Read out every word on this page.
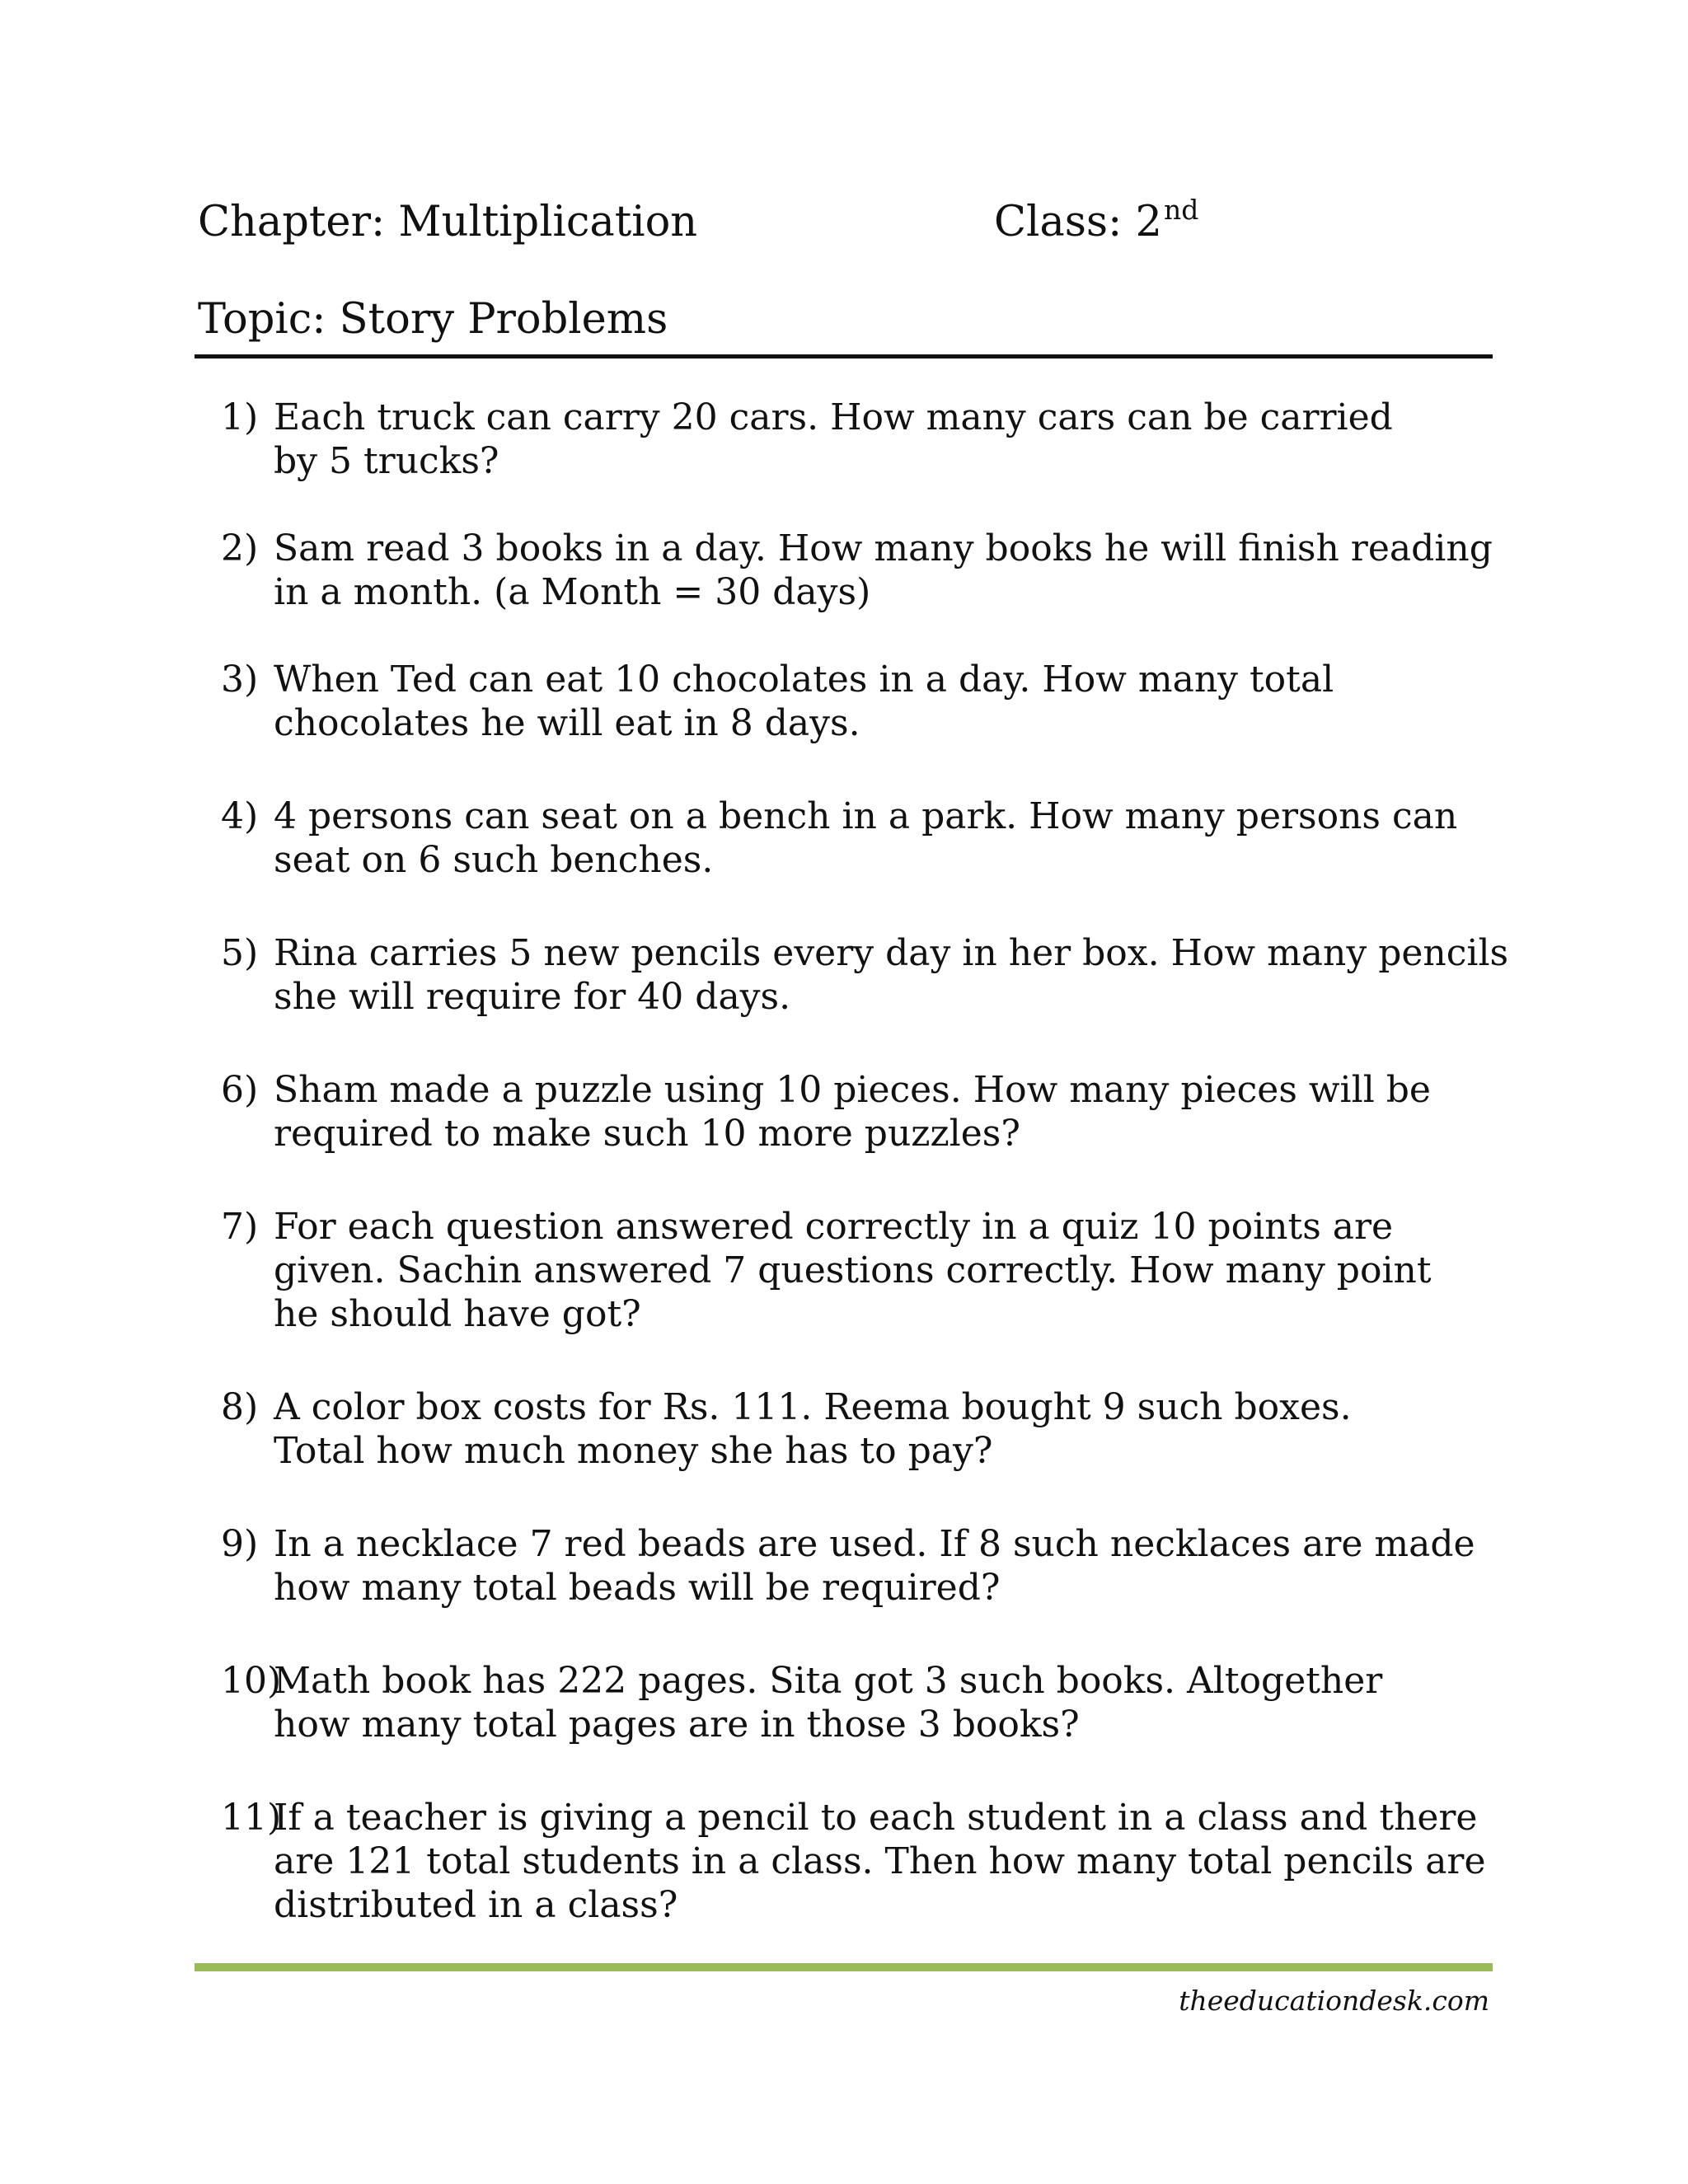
Chapter: Multiplication	Class: 2nd
Topic: Story Problems
1) Each truck can carry 20 cars. How many cars can be carried by 5 trucks?
2) Sam read 3 books in a day. How many books he will finish reading in a month. (a Month = 30 days)
3) When Ted can eat 10 chocolates in a day. How many total chocolates he will eat in 8 days.
4) 4 persons can seat on a bench in a park. How many persons can seat on 6 such benches.
5) Rina carries 5 new pencils every day in her box. How many pencils she will require for 40 days.
6) Sham made a puzzle using 10 pieces. How many pieces will be required to make such 10 more puzzles?
7) For each question answered correctly in a quiz 10 points are given. Sachin answered 7 questions correctly. How many point he should have got?
8) A color box costs for Rs. 111. Reema bought 9 such boxes. Total how much money she has to pay?
9) In a necklace 7 red beads are used. If 8 such necklaces are made how many total beads will be required?
10)
Math book has 222 pages. Sita got 3 such books. Altogether how many total pages are in those 3 books?
11)
If a teacher is giving a pencil to each student in a class and there are 121 total students in a class. Then how many total pencils are distributed in a class?
theeducationdesk.com
